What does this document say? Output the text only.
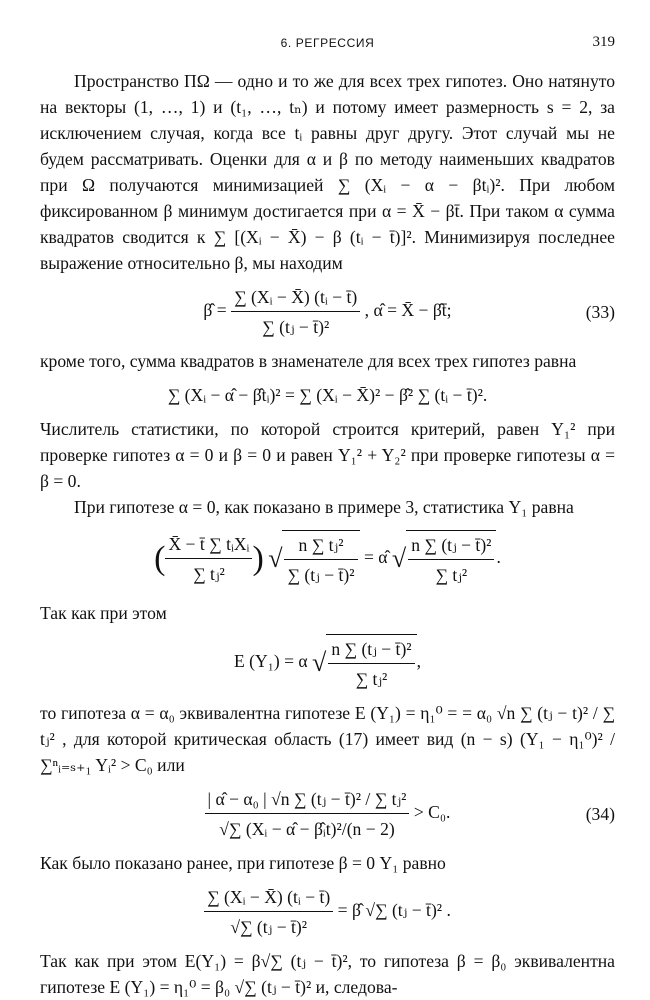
6. РЕГРЕССИЯ	319

Пространство ΠΩ — одно и то же для всех трех гипотез. Оно натянуто на векторы (1, …, 1) и (t₁, …, tₙ) и потому имеет размерность s = 2, за исключением случая, когда все tᵢ равны друг другу. Этот случай мы не будем рассматривать. Оценки для α и β по методу наименьших квадратов при Ω получаются минимизацией ∑ (Xᵢ − α − βtᵢ)². При любом фиксированном β минимум достигается при α = X̄ − βt̄. При таком α сумма квадратов сводится к ∑ [(Xᵢ − X̄) − β (tᵢ − t̄)]². Минимизируя последнее выражение относительно β, мы находим

β̂ = $\frac{\text{∑ (Xᵢ − X̄) (tᵢ − t̄)}}{\text{∑ (tⱼ − t̄)²}}$ , α̂ = X̄ − β̂t̄;	(33)

кроме того, сумма квадратов в знаменателе для всех трех гипотез равна

∑ (Xᵢ − α̂ − β̂tᵢ)² = ∑ (Xᵢ − X̄)² − β̂² ∑ (tᵢ − t̄)².

Числитель статистики, по которой строится критерий, равен Y₁² при проверке гипотез α = 0 и β = 0 и равен Y₁² + Y₂² при проверке гипотезы α = β = 0.

При гипотезе α = 0, как показано в примере 3, статистика Y₁ равна

( $\frac{\text{X̄ − t̄ ∑ tᵢXᵢ}}{\text{∑ tⱼ²}}$ ) √ $\frac{\text{n ∑ tⱼ²}}{\text{∑ (tⱼ − t̄)²}}$ = α̂ √ $\frac{\text{n ∑ (tⱼ − t̄)²}}{\text{∑ tⱼ²}}$ .

Так как при этом

E (Y₁) = α √ $\frac{\text{n ∑ (tⱼ − t̄)²}}{\text{∑ tⱼ²}}$ ,

то гипотеза α = α₀ эквивалентна гипотезе E (Y₁) = η₁⁰ = = α₀ √n ∑ (tⱼ − t)² / ∑ tⱼ² , для которой критическая область (17) имеет вид (n − s) (Y₁ − η₁⁰)² / ∑ⁿᵢ₌ₛ₊₁ Yᵢ² > C₀ или

$\frac{\text{| α̂ − α₀ | √n ∑ (tⱼ − t̄)² / ∑ tⱼ²}}{\text{√∑ (Xᵢ − α̂ − β̂ᵢt)²/(n − 2)}} > C_0$.	(34)

Как было показано ранее, при гипотезе β = 0 Y₁ равно

$\frac{\text{∑ (Xᵢ − X̄) (tᵢ − t̄)}}{\text{√∑ (tⱼ − t̄)²}}$ = β̂ √∑ (tⱼ − t̄)² .

Так как при этом E(Y₁) = β√∑ (tⱼ − t̄)², то гипотеза β = β₀ эквивалентна гипотезе E (Y₁) = η₁⁰ = β₀ √∑ (tⱼ − t̄)² и, следова-
